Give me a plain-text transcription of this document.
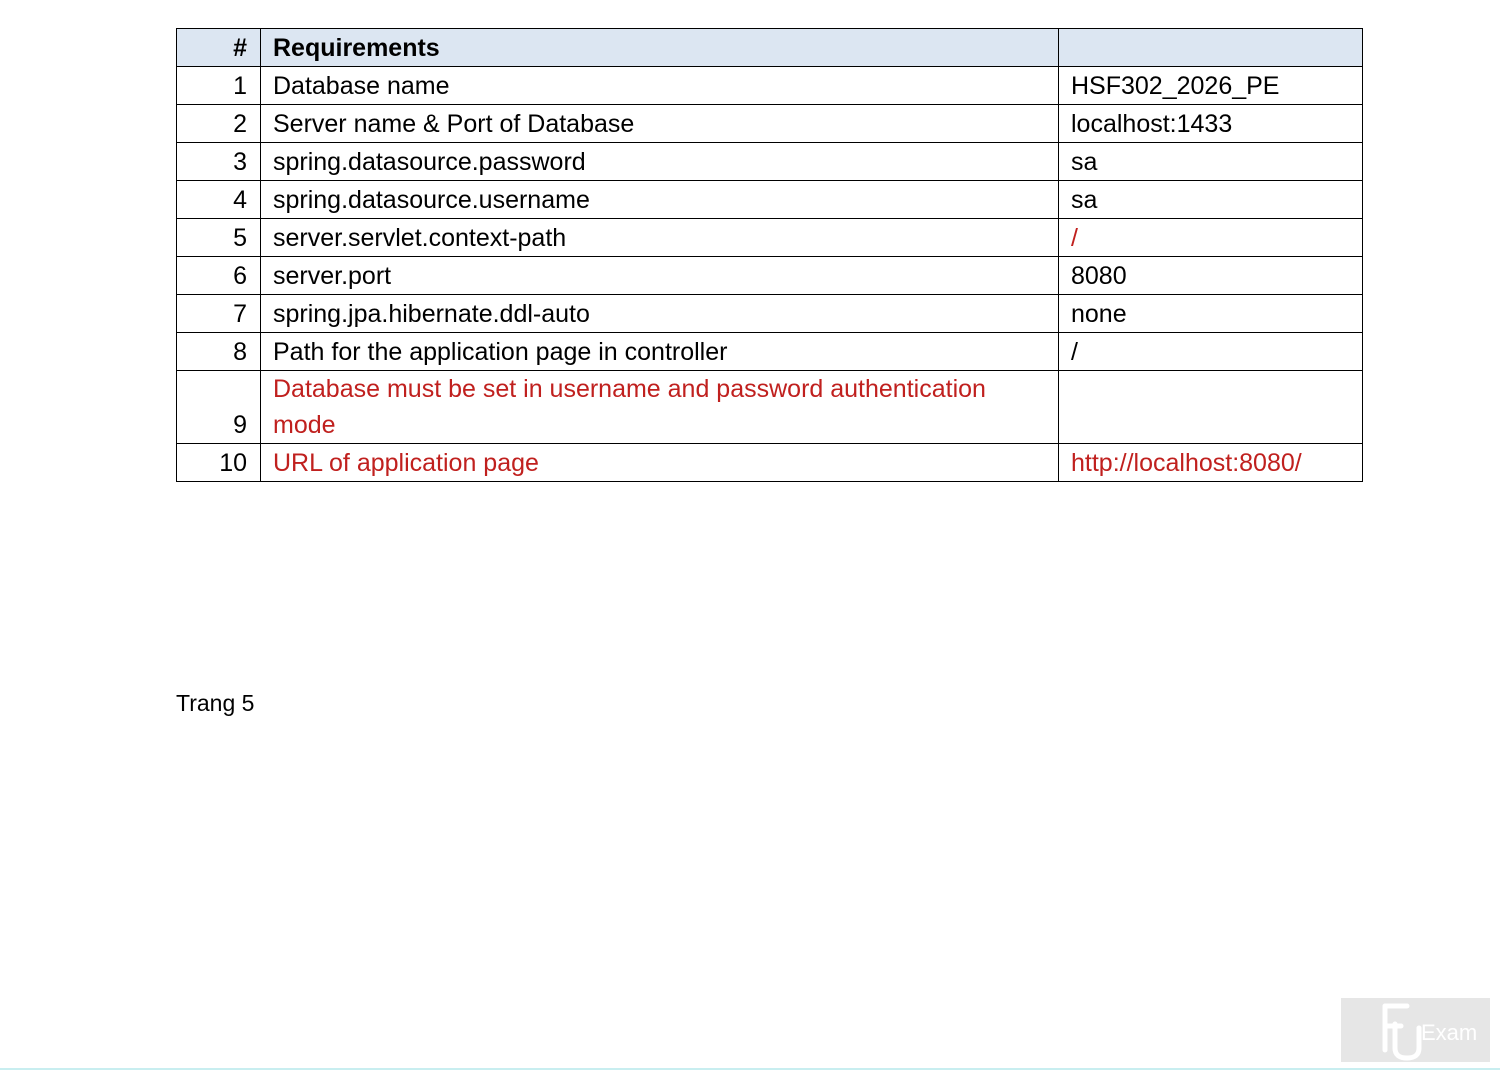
#	Requirements	
1	Database name	HSF302_2026_PE
2	Server name & Port of Database	localhost:1433
3	spring.datasource.password	sa
4	spring.datasource.username	sa
5	server.servlet.context-path	/
6	server.port	8080
7	spring.jpa.hibernate.ddl-auto	none
8	Path for the application page in controller	/
9	Database must be set in username and password authentication mode	
10	URL of application page	http://localhost:8080/
Trang 5
Exam
